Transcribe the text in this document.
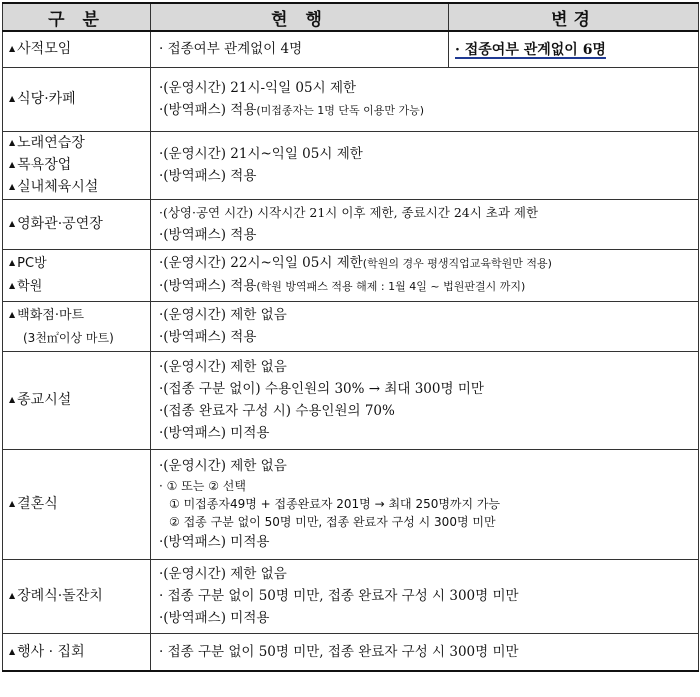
구 분	현 행	변경

▲ 사적모임	· 접종여부 관계없이 4명	· 접종여부 관계없이 6명

▲ 식당·카페	·(운영시간) 21시-익일 05시 제한
·(방역패스) 적용(미접종자는 1명 단독 이용만 가능)	

▲ 노래연습장
▲ 목욕장업
▲ 실내체육시설	·(운영시간) 21시~익일 05시 제한
·(방역패스) 적용	

▲ 영화관·공연장	·(상영·공연 시간) 시작시간 21시 이후 제한, 종료시간 24시 초과 제한
·(방역패스) 적용	

▲ PC방
▲ 학원	·(운영시간) 22시~익일 05시 제한(학원의 경우 평생직업교육학원만 적용)
·(방역패스) 적용(학원 방역패스 적용 해제 : 1월 4일 ~ 법원판결시 까지)	

▲ 백화점·마트
(3천㎡이상 마트)	·(운영시간) 제한 없음
·(방역패스) 적용	

▲ 종교시설	·(운영시간) 제한 없음
·(접종 구분 없이) 수용인원의 30% → 최대 300명 미만
·(접종 완료자 구성 시) 수용인원의 70%
·(방역패스) 미적용	

▲ 결혼식	·(운영시간) 제한 없음
· ① 또는 ② 선택
① 미접종자49명 + 접종완료자 201명 → 최대 250명까지 가능
② 접종 구분 없이 50명 미만, 접종 완료자 구성 시 300명 미만
·(방역패스) 미적용	

▲ 장례식·돌잔치	·(운영시간) 제한 없음
· 접종 구분 없이 50명 미만, 접종 완료자 구성 시 300명 미만
·(방역패스) 미적용	

▲ 행사 · 집회	· 접종 구분 없이 50명 미만, 접종 완료자 구성 시 300명 미만	
